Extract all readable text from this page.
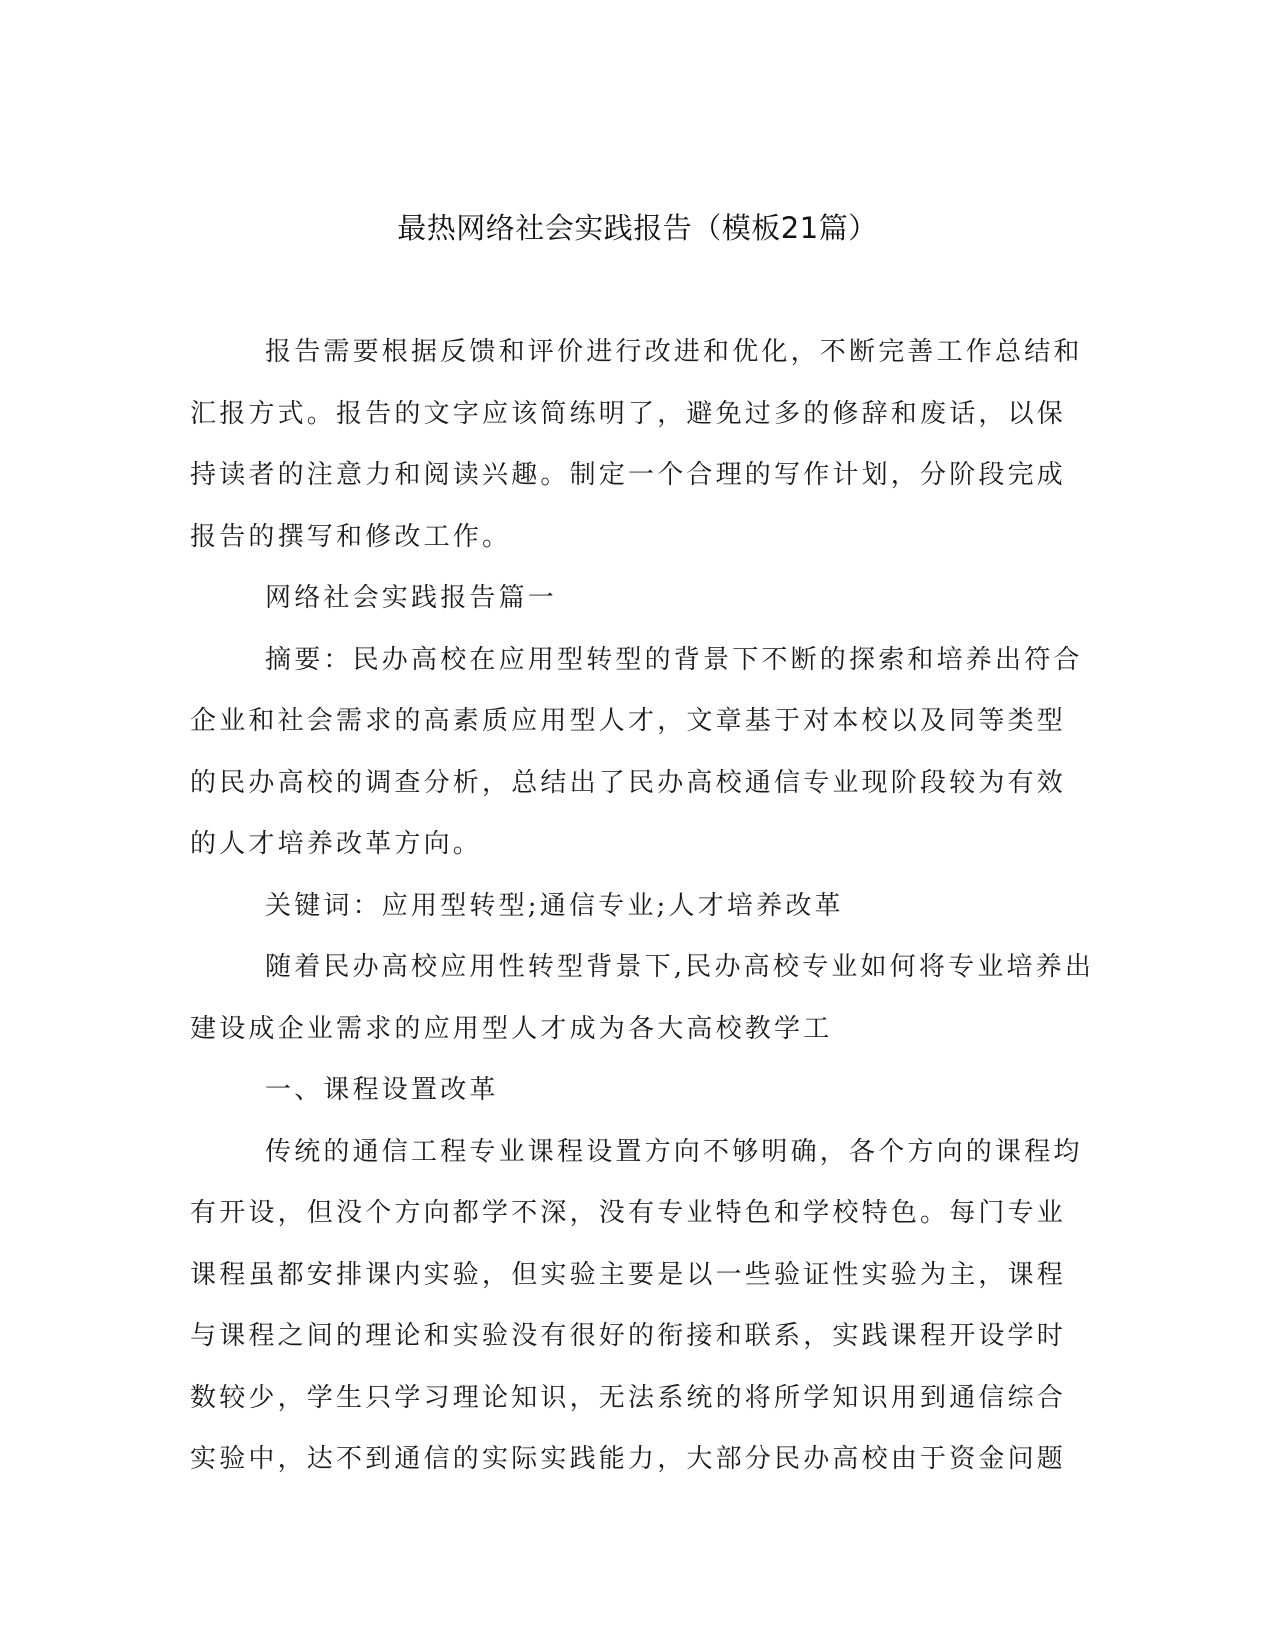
最热网络社会实践报告（模板21篇）

报告需要根据反馈和评价进行改进和优化，不断完善工作总结和
汇报方式。报告的文字应该简练明了，避免过多的修辞和废话，以保
持读者的注意力和阅读兴趣。制定一个合理的写作计划，分阶段完成
报告的撰写和修改工作。

网络社会实践报告篇一

摘要：民办高校在应用型转型的背景下不断的探索和培养出符合
企业和社会需求的高素质应用型人才，文章基于对本校以及同等类型
的民办高校的调查分析，总结出了民办高校通信专业现阶段较为有效
的人才培养改革方向。

关键词：应用型转型;通信专业;人才培养改革

随着民办高校应用性转型背景下,民办高校专业如何将专业培养出
建设成企业需求的应用型人才成为各大高校教学工

一、课程设置改革

传统的通信工程专业课程设置方向不够明确，各个方向的课程均
有开设，但没个方向都学不深，没有专业特色和学校特色。每门专业
课程虽都安排课内实验，但实验主要是以一些验证性实验为主，课程
与课程之间的理论和实验没有很好的衔接和联系，实践课程开设学时
数较少，学生只学习理论知识，无法系统的将所学知识用到通信综合
实验中，达不到通信的实际实践能力，大部分民办高校由于资金问题
